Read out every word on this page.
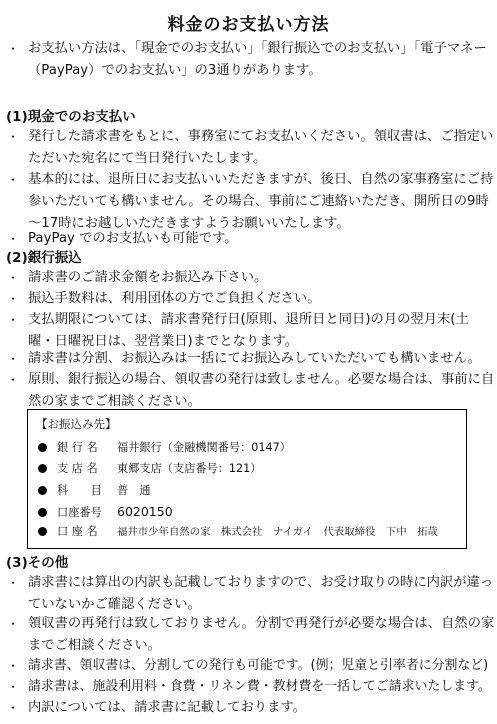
料金のお支払い方法
・ お支払い方法は、「現金でのお支払い」「銀行振込でのお支払い」「電子マネー
（PayPay）でのお支払い」の3通りがあります。
(1)現金でのお支払い
・ 発行した請求書をもとに、事務室にてお支払いください。領収書は、ご指定い
ただいた宛名にて当日発行いたします。
・ 基本的には、退所日にお支払いいただきますが、後日、自然の家事務室にご持
参いただいても構いません。その場合、事前にご連絡いただき、開所日の9時
～17時にお越しいただきますようお願いいたします。
・ PayPay でのお支払いも可能です。
(2)銀行振込
・ 請求書のご請求金額をお振込み下さい。
・ 振込手数料は、利用団体の方でご負担ください。
・ 支払期限については、請求書発行日(原則、退所日と同日)の月の翌月末(土
曜・日曜祝日は、翌営業日)までとなります。
・ 請求書は分割、お振込みは一括にてお振込みしていただいても構いません。
・ 原則、銀行振込の場合、領収書の発行は致しません。必要な場合は、事前に自
然の家までご相談ください。
【お振込み先】
銀 行 名 福井銀行（金融機関番号：0147）
支 店 名 東郷支店（支店番号：121）
科　　目 普　通
口座番号 6020150
口 座 名 福井市少年自然の家　株式会社　ナイガイ　代表取締役　下中　拓哉
(3)その他
・ 請求書には算出の内訳も記載しておりますので、お受け取りの時に内訳が違っ
ていないかご確認ください。
・ 領収書の再発行は致しておりません。分割で再発行が必要な場合は、自然の家
までご相談ください。
・ 請求書、領収書は、分割しての発行も可能です。(例；児童と引率者に分割など)
・ 請求書は、施設利用料・食費・リネン費・教材費を一括してご請求いたします。
・ 内訳については、請求書に記載しております。
